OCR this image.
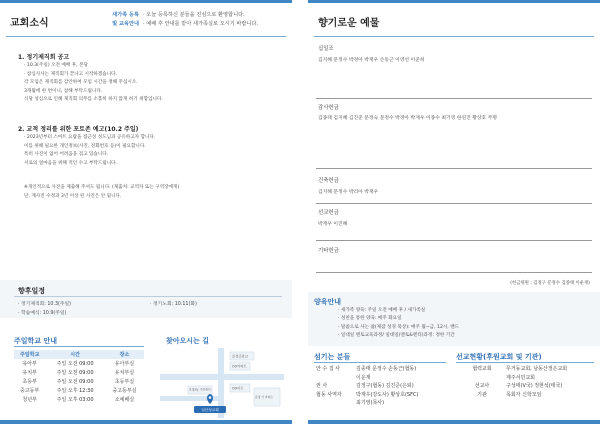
교회소식
새가족 등록 · 오늘 등록하신 분들을 진심으로 환영합니다.
및 교육안내 · 예배 후 안내를 받아 새가족실로 오시기 바랍니다.
1. 정기제직회 공고
· 10.3(주일) 오전 예배 후, 본당
· 참심사사는 제직회가 끝나고 시작하겠습니다.
각 모임은 제직회를 감안하여 모임 시간을 정해 주십시오.
3개월에 한 번이니, 참해 부탁드립니다.
식당 성심으로 인해 제직회 의무를 소홀히 하지 않게 하기 위함입니다.
2. 교적 정리를 위한 포토존 예고(10.2 주일)
· 2023년부터 스마트 요람을 접근성 성도님과 공유하고자 합니다.
이를 위해 필요한 개인정보(사진, 전화번호 등)이 필요합니다.
특히 사진이 없어 어려움을 겪고 있습니다.
서로의 얼마음을 위해 적인 수고 부탁드립니다.
※개인적으로 사진을 제출해 주셔도 됩니다. (제출처: 교역자 또는 구역장에게)
단, 재사진 수정과 3년 이상 된 사진은 안 됩니다.
향후일정
· 정기제직회: 10.3(주일)	· 정기노회: 10.11(화)
· 학습예식: 10.9(주일)
주일학교 안내
주일학교	시간	장소
유아부	주일 오전 09:00	유아부실
유치부	주일 오전 09:00	유치부실
초등부	주일 오전 09:00	초등부실
중고등부	주일 오후 12:30	중고등부실
청년부	주일 오후 03:00	소예배실
찾아오시는 길
운정중학교
OO아파트
OO마트
운정3동 주민센터
운정 기 아파트
일산성교회
향기로운 예물
십일조
김지혜 문정수 박경아 박재우 손동근 이영선 이준희
감사헌금
김종태 김지혜 김진준 문정숙 문정수 박경아 박재우 이종수 최기영 한연진 황상호 무명
건축헌금
김지혜 문정수 박리아 박재우
선교헌금
박재우 이진혜
기타헌금
(헌금위원 : 김정구 문정수 김종태 이운재)
양육안내
· 새가족 양육: 주일 오전 예배 후 / 새가족실
· 성찬을 통한 양육: 매주 화요일
· 말씀으로 사는 삶(제잠 성경 묵상): 매주 월~금, 12시, 밴드
· 일대일 멘토교육과정/ 일대일(멘토&멘티)과정: 정한 기간
섬기는 분들	선교현황(후원교회 및 기관)
안 수 집 사	김종태 문정수 손동근(협동)
이운재
권 사	김정구(협동) 김진준(은퇴)
협동 사역자	박재우(강도사) 황상호(SFC)
최기영(목사)
협력교회	무거동교회, 남동산정은교회
제주서민교회
선교사	구성태(V국) 정현석(태국)
기관	목회자 신학모임
